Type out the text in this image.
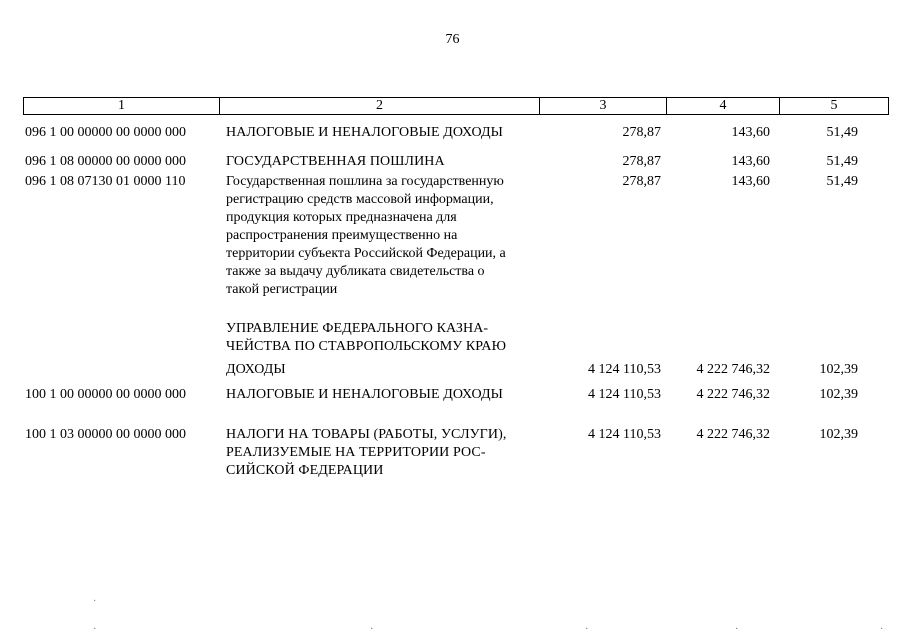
76
1	2	3	4	5
096 1 00 00000 00 0000 000	НАЛОГОВЫЕ И НЕНАЛОГОВЫЕ ДОХОДЫ	278,87	143,60	51,49
096 1 08 00000 00 0000 000	ГОСУДАРСТВЕННАЯ ПОШЛИНА	278,87	143,60	51,49
096 1 08 07130 01 0000 110	Государственная пошлина за государственную
регистрацию средств массовой информации,
продукция которых предназначена для
распространения преимущественно на
территории субъекта Российской Федерации, а
также за выдачу дубликата свидетельства о
такой регистрации
278,87	143,60	51,49
УПРАВЛЕНИЕ ФЕДЕРАЛЬНОГО КАЗНА-
ЧЕЙСТВА ПО СТАВРОПОЛЬСКОМУ КРАЮ
ДОХОДЫ	4 124 110,53	4 222 746,32	102,39
100 1 00 00000 00 0000 000	НАЛОГОВЫЕ И НЕНАЛОГОВЫЕ ДОХОДЫ	4 124 110,53	4 222 746,32	102,39
100 1 03 00000 00 0000 000	НАЛОГИ НА ТОВАРЫ (РАБОТЫ, УСЛУГИ),
РЕАЛИЗУЕМЫЕ НА ТЕРРИТОРИИ РОС-
СИЙСКОЙ ФЕДЕРАЦИИ
4 124 110,53	4 222 746,32	102,39
·
·	·	·	·	·
